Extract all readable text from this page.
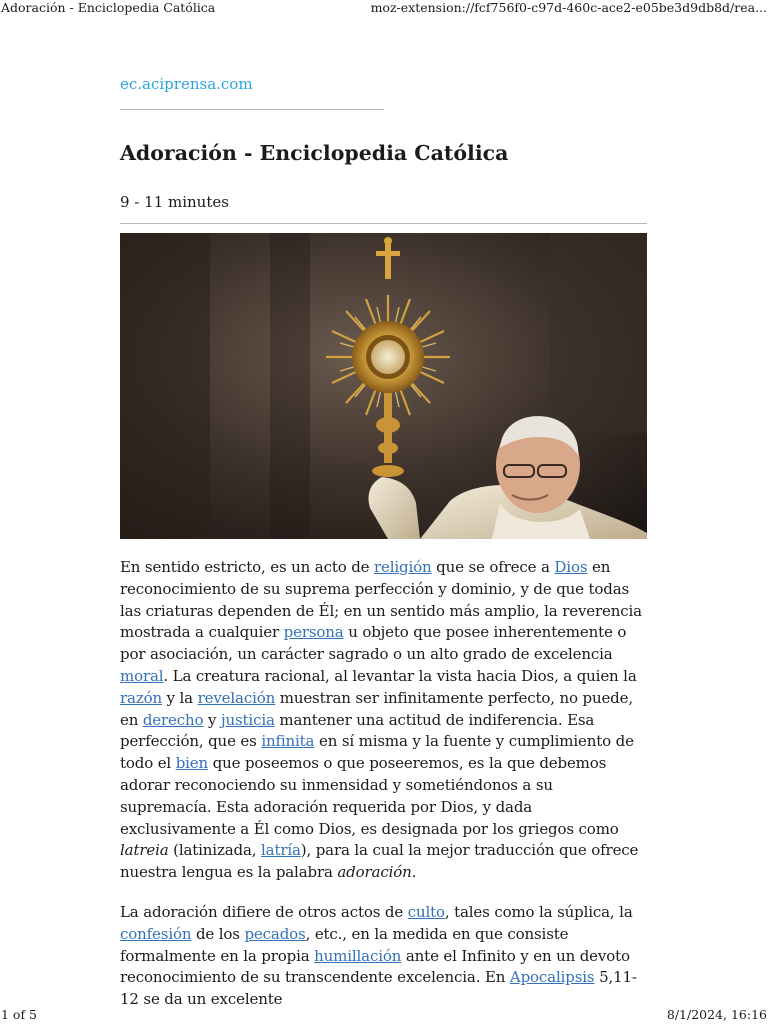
Adoración - Enciclopedia Católica	moz-extension://fcf756f0-c97d-460c-ace2-e05be3d9db8d/rea...
ec.aciprensa.com
Adoración - Enciclopedia Católica
9 - 11 minutes

En sentido estricto, es un acto de religión que se ofrece a Dios en reconocimiento de su suprema perfección y dominio, y de que todas las criaturas dependen de Él; en un sentido más amplio, la reverencia mostrada a cualquier persona u objeto que posee inherentemente o por asociación, un carácter sagrado o un alto grado de excelencia moral. La creatura racional, al levantar la vista hacia Dios, a quien la razón y la revelación muestran ser infinitamente perfecto, no puede, en derecho y justicia mantener una actitud de indiferencia. Esa perfección, que es infinita en sí misma y la fuente y cumplimiento de todo el bien que poseemos o que poseeremos, es la que debemos adorar reconociendo su inmensidad y sometiéndonos a su supremacía. Esta adoración requerida por Dios, y dada exclusivamente a Él como Dios, es designada por los griegos como latreia (latinizada, latría), para la cual la mejor traducción que ofrece nuestra lengua es la palabra adoración.

La adoración difiere de otros actos de culto, tales como la súplica, la confesión de los pecados, etc., en la medida en que consiste formalmente en la propia humillación ante el Infinito y en un devoto reconocimiento de su transcendente excelencia. En Apocalipsis 5,11-12 se da un excelente

1 of 5	8/1/2024, 16:16
